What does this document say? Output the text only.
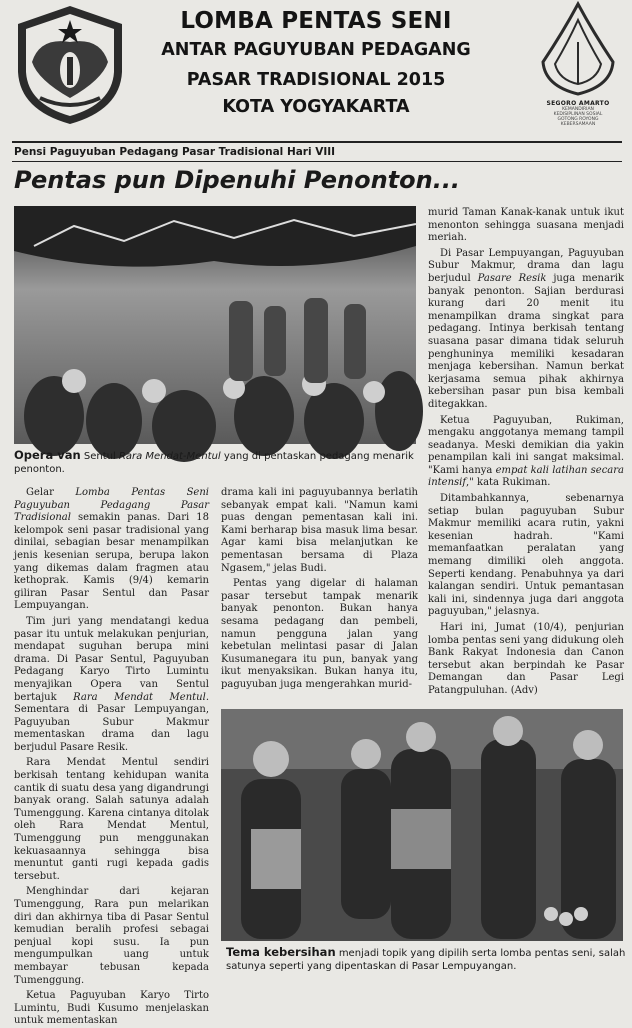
LOMBA PENTAS SENI
ANTAR PAGUYUBAN PEDAGANG
PASAR TRADISIONAL 2015
KOTA YOGYAKARTA	SEGORO AMARTO
KEMANDIRIAN
KEDISIPLINAN SOSIAL
GOTONG ROYONG
KEBERSAMAAN
Pensi Paguyuban Pedagang Pasar Tradisional Hari VIII
Pentas pun Dipenuhi Penonton...
Opera van Sentul Rara Mendat-Mentul yang di pentaskan pedagang menarik penonton.

Gelar Lomba Pentas Seni Paguyuban Pedagang Pasar Tradisional semakin panas. Dari 18 kelompok seni pasar tradisional yang dinilai, sebagian besar menampilkan jenis kesenian serupa, berupa lakon yang dikemas dalam fragmen atau kethoprak. Kamis (9/4) kemarin giliran Pasar Sentul dan Pasar Lempuyangan.

Tim juri yang mendatangi kedua pasar itu untuk melakukan penjurian, mendapat suguhan berupa mini drama. Di Pasar Sentul, Paguyuban Pedagang Karyo Tirto Lumintu menyajikan Opera van Sentul bertajuk Rara Mendat Mentul. Sementara di Pasar Lempuyangan, Paguyuban Subur Makmur mementaskan drama dan lagu berjudul Pasare Resik.

Rara Mendat Mentul sendiri berkisah tentang kehidupan wanita cantik di suatu desa yang digandrungi banyak orang. Salah satunya adalah Tumenggung. Karena cintanya ditolak oleh Rara Mendat Mentul, Tumenggung pun menggunakan kekuasaannya sehingga bisa menuntut ganti rugi kepada gadis tersebut.

Menghindar dari kejaran Tumenggung, Rara pun melarikan diri dan akhirnya tiba di Pasar Sentul kemudian beralih profesi sebagai penjual kopi susu. Ia pun mengumpulkan uang untuk membayar tebusan kepada Tumenggung.

Ketua Paguyuban Karyo Tirto Lumintu, Budi Kusumo menjelaskan untuk mementaskan

drama kali ini paguyubannya berlatih sebanyak empat kali. "Namun kami puas dengan pementasan kali ini. Kami berharap bisa masuk lima besar. Agar kami bisa melanjutkan ke pementasan bersama di Plaza Ngasem," jelas Budi.

Pentas yang digelar di halaman pasar tersebut tampak menarik banyak penonton. Bukan hanya sesama pedagang dan pembeli, namun pengguna jalan yang kebetulan melintasi pasar di Jalan Kusumanegara itu pun, banyak yang ikut menyaksikan. Bukan hanya itu, paguyuban juga mengerahkan murid-

murid Taman Kanak-kanak untuk ikut menonton sehingga suasana menjadi meriah.

Di Pasar Lempuyangan, Paguyuban Subur Makmur, drama dan lagu berjudul Pasare Resik juga menarik banyak penonton. Sajian berdurasi kurang dari 20 menit itu menampilkan drama singkat para pedagang. Intinya berkisah tentang suasana pasar dimana tidak seluruh penghuninya memiliki kesadaran menjaga kebersihan. Namun berkat kerjasama semua pihak akhirnya kebersihan pasar pun bisa kembali ditegakkan.

Ketua Paguyuban, Rukiman, mengaku anggotanya memang tampil seadanya. Meski demikian dia yakin penampilan kali ini sangat maksimal. "Kami hanya empat kali latihan secara intensif," kata Rukiman.

Ditambahkannya, sebenarnya setiap bulan paguyuban Subur Makmur memiliki acara rutin, yakni kesenian hadrah. "Kami memanfaatkan peralatan yang memang dimiliki oleh anggota. Seperti kendang. Penabuhnya ya dari kalangan sendiri. Untuk pemantasan kali ini, sindennya juga dari anggota paguyuban," jelasnya.

Hari ini, Jumat (10/4), penjurian lomba pentas seni yang didukung oleh Bank Rakyat Indonesia dan Canon tersebut akan berpindah ke Pasar Demangan dan Pasar Legi Patangpuluhan. (Adv)

Tema kebersihan menjadi topik yang dipilih serta lomba pentas seni, salah satunya seperti yang dipentaskan di Pasar Lempuyangan.
